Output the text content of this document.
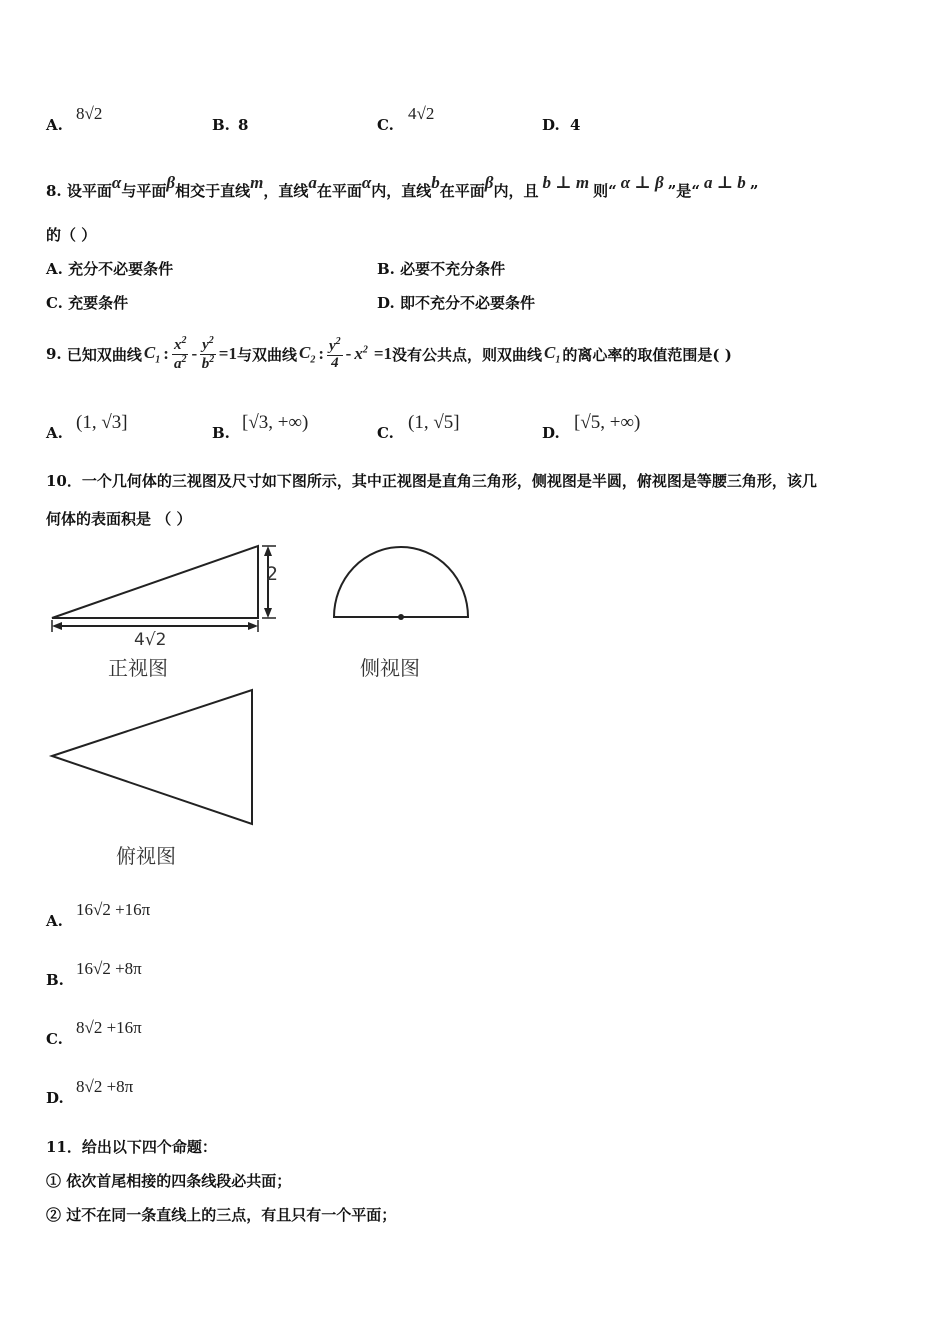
A.
8√2
B. 8	C.
4√2
D. 4
8. 设平面α与平面β相交于直线m，直线a在平面α内，直线b在平面β内，且 b ⊥ m 则“ α ⊥ β ”是“ a ⊥ b ”
的（ ）
A. 充分不必要条件	B. 必要不充分条件
C. 充要条件	D. 即不充分不必要条件
9.
已知双曲线 $C_1$ : $\frac{x^2}{a^2} - \frac{y^2}{b^2} =1$ 与双曲线 $C_2$ : $\frac{y^2}{4} - x^2 =1$ 没有公共点，则双曲线 $C_1$ 的离心率的取值范围是( )
A. (1, √3]	B. [√3, +∞)	C. (1, √5]	D. [√5, +∞)
10．一个几何体的三视图及尺寸如下图所示，其中正视图是直角三角形，侧视图是半圆，俯视图是等腰三角形，该几
何体的表面积是 （ ）
2
4√2
正视图	侧视图
俯视图
A.
16√2 +16π
B.
16√2 +8π
C.
8√2 +16π
D.
8√2 +8π
11．给出以下四个命题：
① 依次首尾相接的四条线段必共面；
② 过不在同一条直线上的三点，有且只有一个平面；
